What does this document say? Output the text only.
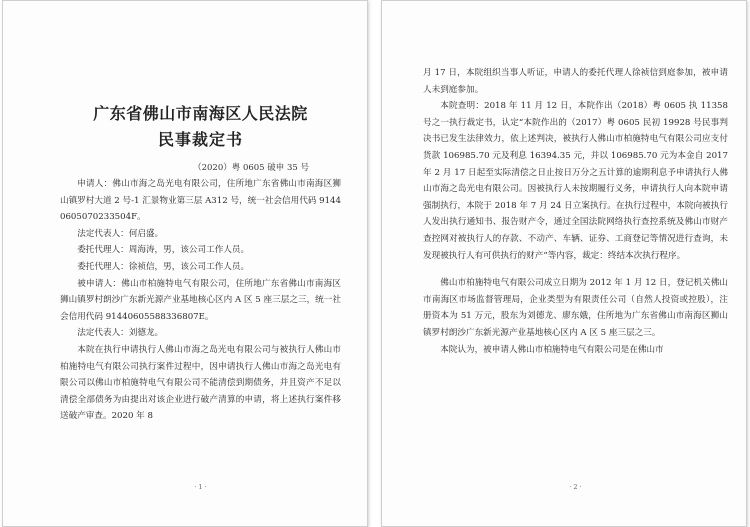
广东省佛山市南海区人民法院
民事裁定书
（2020）粤 0605 破申 35 号

申请人：佛山市海之岛光电有限公司，住所地广东省佛山市南海区狮山镇罗村大道 2 号-1 汇景物业第三层 A312 号，统一社会信用代码 91440605070233504F。

法定代表人：何启盛。

委托代理人：周海涛，男，该公司工作人员。

委托代理人：徐祯信，男，该公司工作人员。

被申请人：佛山市柏施特电气有限公司，住所地广东省佛山市南海区狮山镇罗村朗沙广东新光源产业基地核心区内 A 区 5 座三层之三，统一社会信用代码 91440605588336807E。

法定代表人：刘德龙。

本院在执行申请执行人佛山市海之岛光电有限公司与被执行人佛山市柏施特电气有限公司执行案件过程中，因申请执行人佛山市海之岛光电有限公司以佛山市柏施特电气有限公司不能清偿到期债务，并且资产不足以清偿全部债务为由提出对该企业进行破产清算的申请，将上述执行案件移送破产审查。2020 年 8

· 1 ·

月 17 日，本院组织当事人听证，申请人的委托代理人徐祯信到庭参加，被申请人未到庭参加。

本院查明：2018 年 11 月 12 日，本院作出（2018）粤 0605 执 11358 号之一执行裁定书，认定“本院作出的（2017）粤 0605 民初 19928 号民事判决书已发生法律效力，依上述判决，被执行人佛山市柏施特电气有限公司应支付货款 106985.70 元及利息 16394.35 元，并以 106985.70 元为本金自 2017 年 2 月 17 日起至实际清偿之日止按日万分之五计算的逾期利息予申请执行人佛山市海之岛光电有限公司。因被执行人未按期履行义务，申请执行人向本院申请强制执行，本院于 2018 年 7 月 24 日立案执行。在执行过程中，本院向被执行人发出执行通知书、报告财产令，通过全国法院网络执行查控系统及佛山市财产查控网对被执行人的存款、不动产、车辆、证券、工商登记等情况进行查询，未发现被执行人有可供执行的财产”等内容，裁定：终结本次执行程序。

佛山市柏施特电气有限公司成立日期为 2012 年 1 月 12 日，登记机关佛山市南海区市场监督管理局，企业类型为有限责任公司（自然人投资或控股），注册资本为 51 万元，股东为刘德龙、廖东娥，住所地为广东省佛山市南海区狮山镇罗村朗沙广东新光源产业基地核心区内 A 区 5 座三层之三。

本院认为，被申请人佛山市柏施特电气有限公司是在佛山市

· 2 ·
